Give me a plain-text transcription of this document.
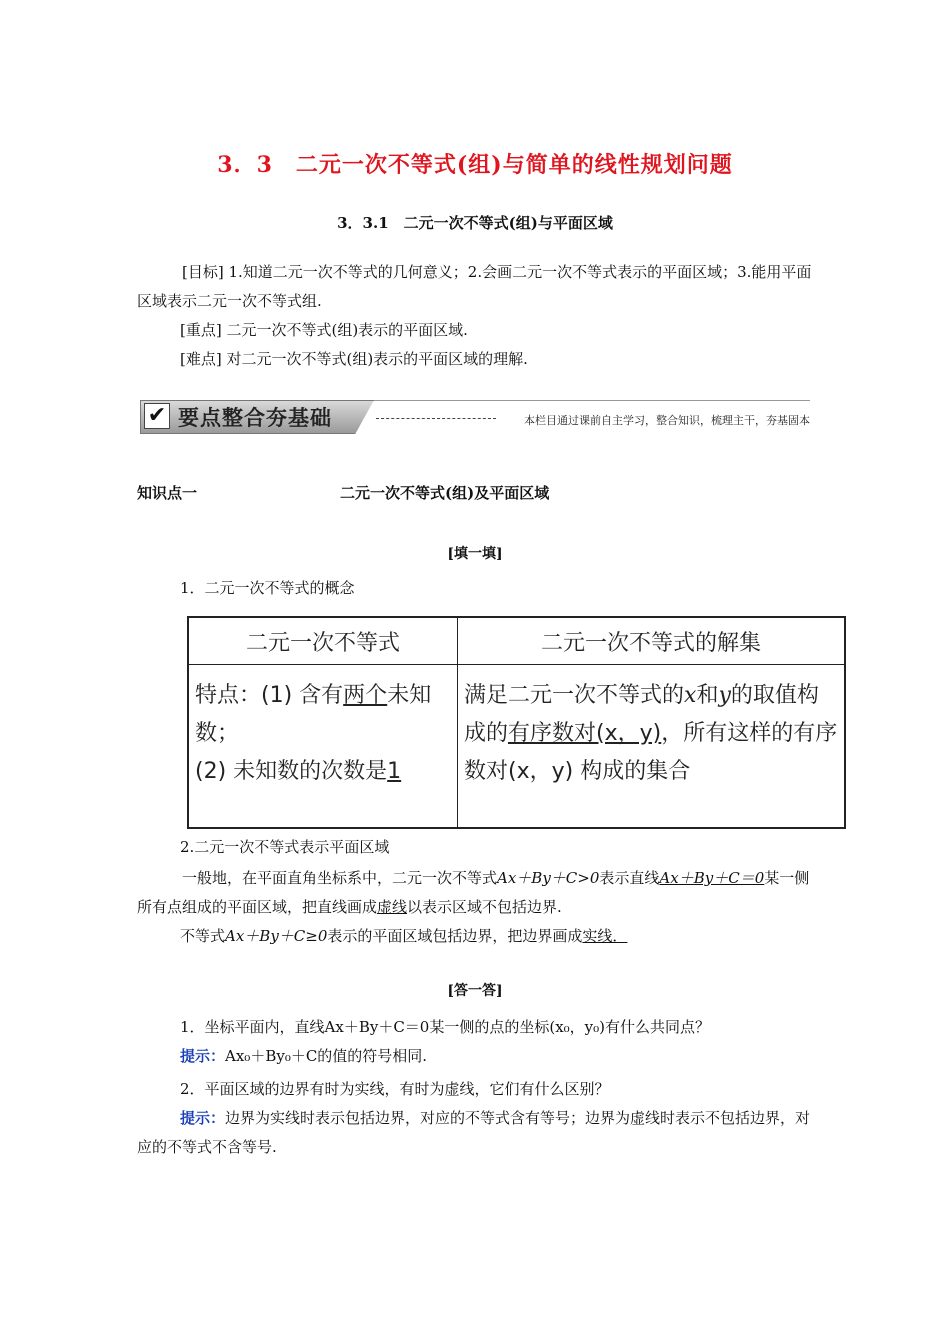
3．3　二元一次不等式(组)与简单的线性规划问题
3．3.1　二元一次不等式(组)与平面区域
[目标] 1.知道二元一次不等式的几何意义；2.会画二元一次不等式表示的平面区域；3.能用平面区域表示二元一次不等式组.
[重点] 二元一次不等式(组)表示的平面区域.
[难点] 对二元一次不等式(组)表示的平面区域的理解.
✔ 要点整合夯基础	本栏目通过课前自主学习，整合知识，梳理主干，夯基固本
知识点一	二元一次不等式(组)及平面区域
[填一填]
1．二元一次不等式的概念
二元一次不等式	二元一次不等式的解集
特点：(1) 含有两个未知数；
(2) 未知数的次数是1	满足二元一次不等式的x和y的取值构成的有序数对(x，y)，所有这样的有序数对(x，y) 构成的集合
2.二元一次不等式表示平面区域
一般地，在平面直角坐标系中，二元一次不等式Ax＋By＋C>0表示直线Ax＋By＋C＝0某一侧所有点组成的平面区域，把直线画成虚线以表示区域不包括边界.
不等式Ax＋By＋C≥0表示的平面区域包括边界，把边界画成实线．
[答一答]
1．坐标平面内，直线Ax＋By＋C＝0某一侧的点的坐标(x₀，y₀)有什么共同点？
提示：Ax₀＋By₀＋C的值的符号相同.
2．平面区域的边界有时为实线，有时为虚线，它们有什么区别？
提示：边界为实线时表示包括边界，对应的不等式含有等号；边界为虚线时表示不包括边界，对应的不等式不含等号.
